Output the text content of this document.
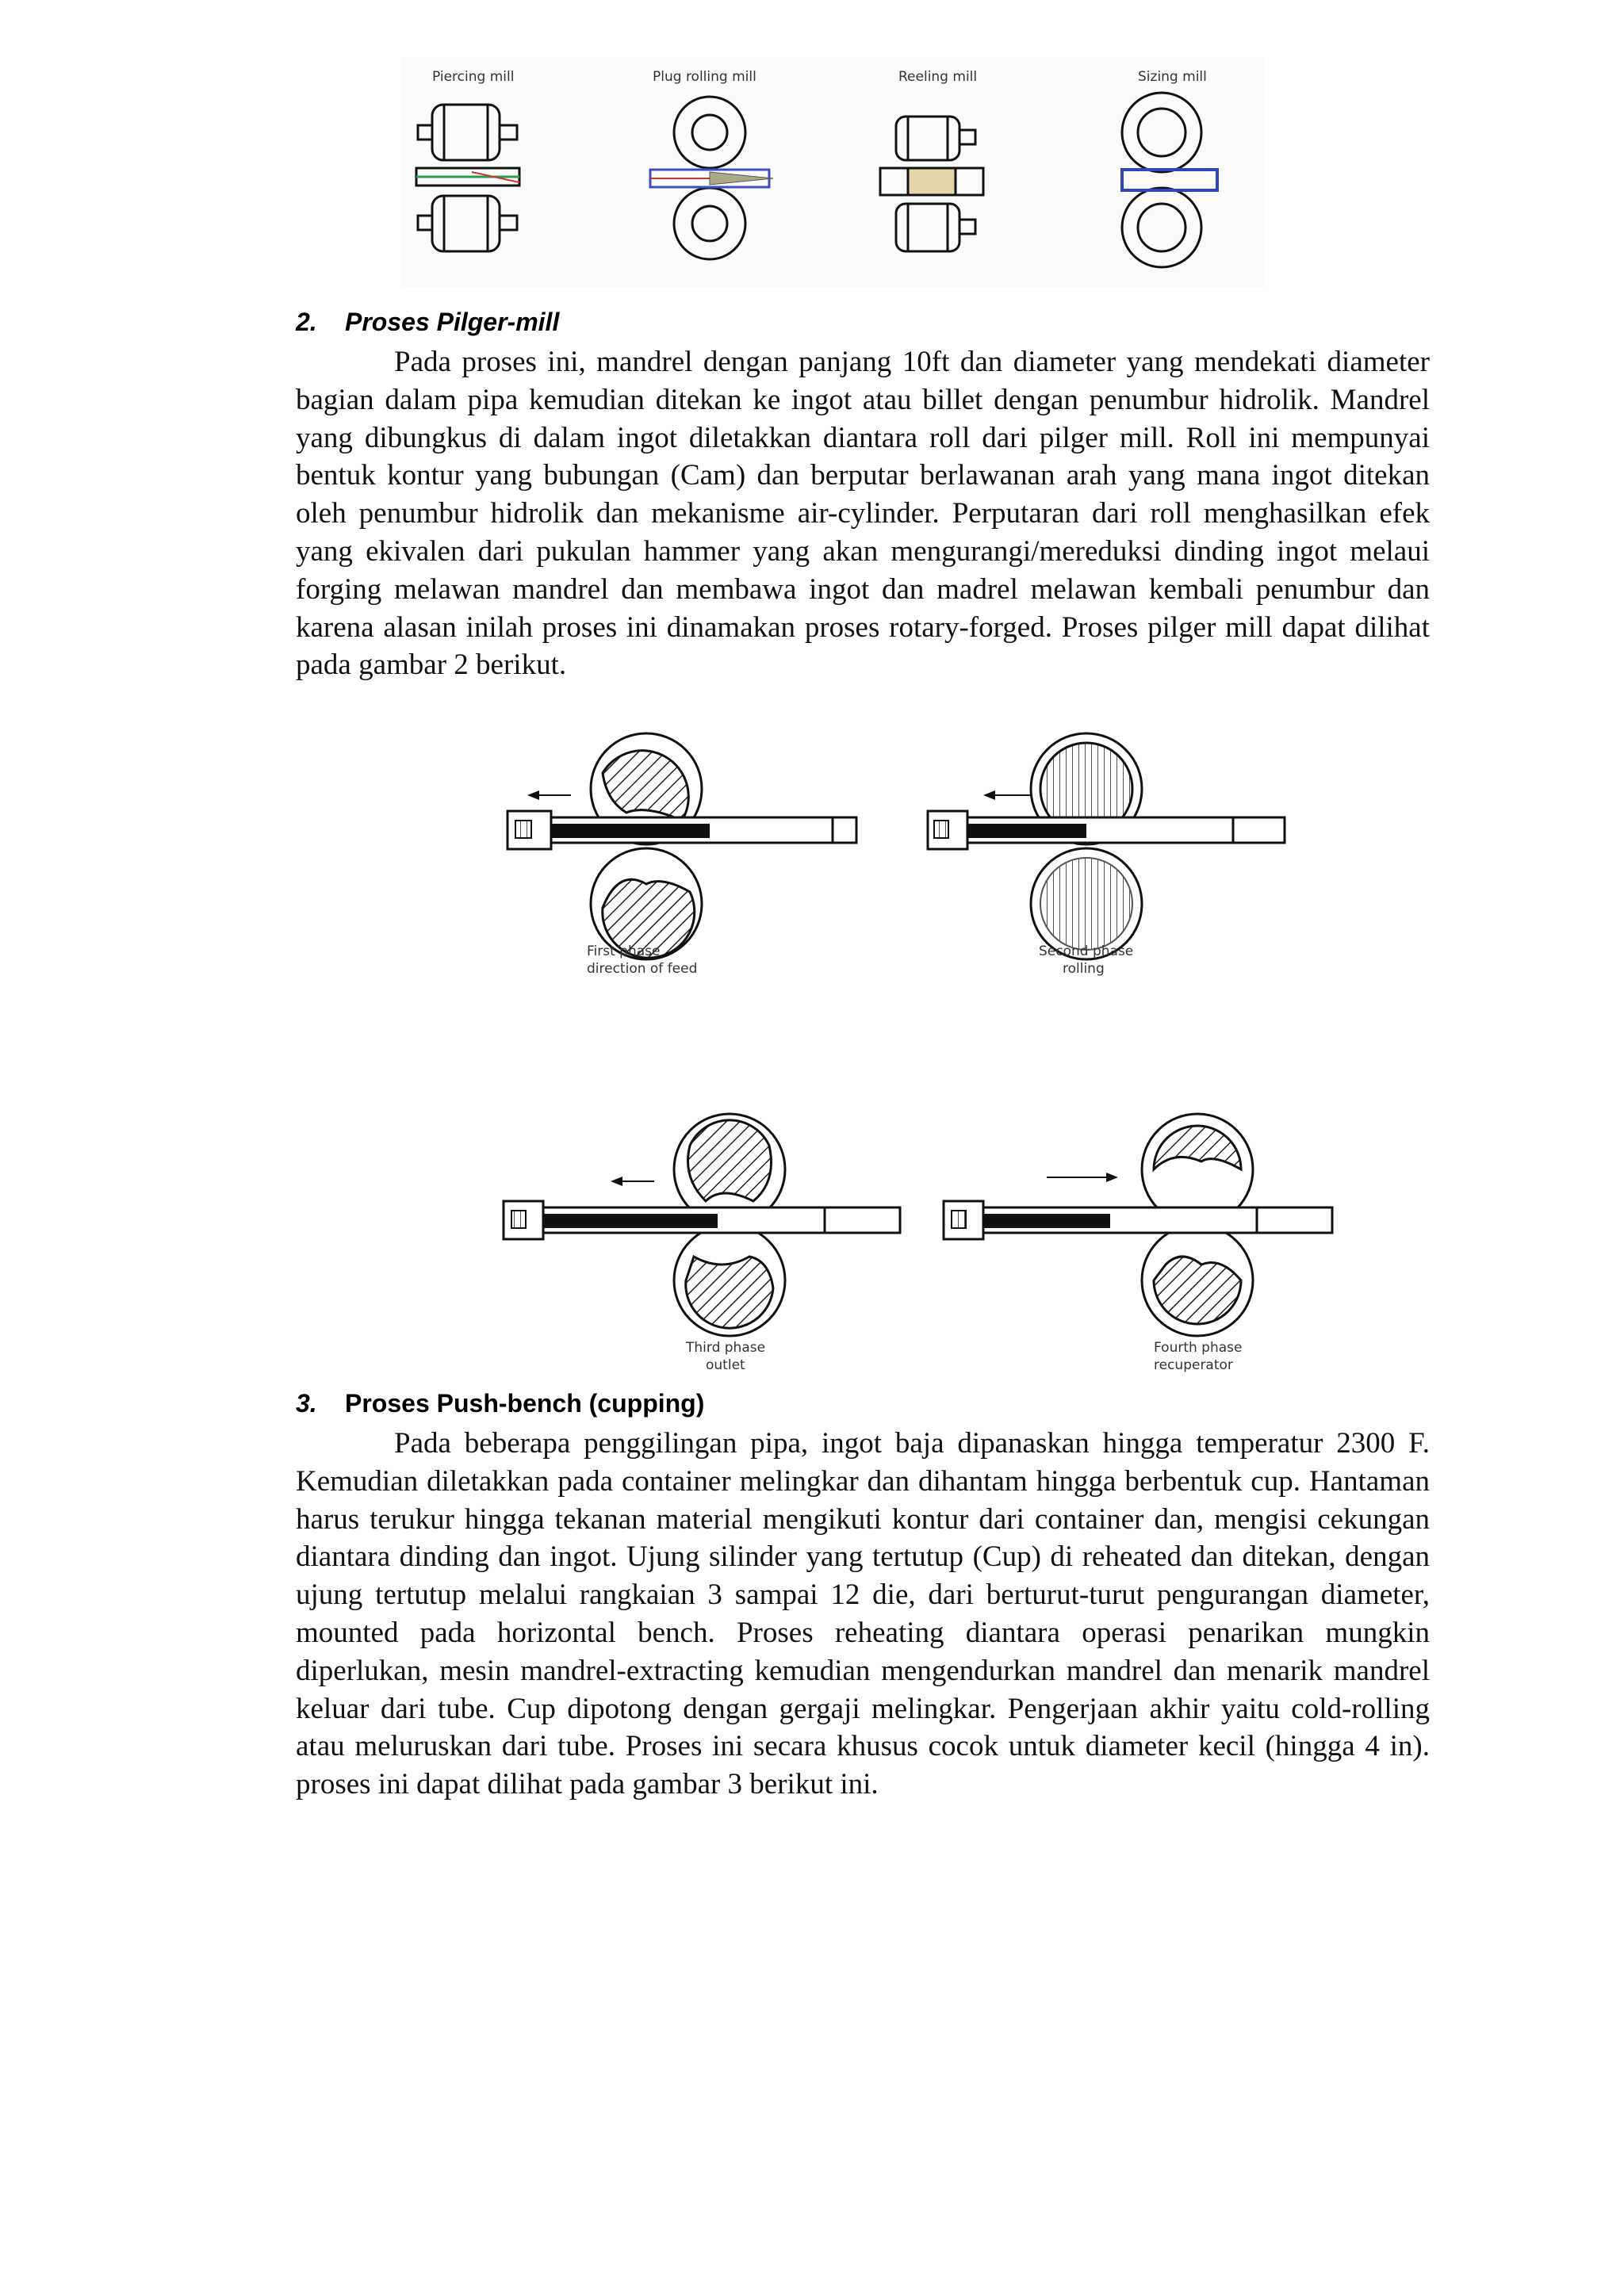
Piercing mill	Plug rolling mill	Reeling mill	Sizing mill
2. Proses Pilger-mill

Pada proses ini, mandrel dengan panjang 10ft dan diameter yang mendekati diameter bagian dalam pipa kemudian ditekan ke ingot atau billet dengan penumbur hidrolik. Mandrel yang dibungkus di dalam ingot diletakkan diantara roll dari pilger mill. Roll ini mempunyai bentuk kontur yang bubungan (Cam) dan berputar berlawanan arah yang mana ingot ditekan oleh penumbur hidrolik dan mekanisme air-cylinder. Perputaran dari roll menghasilkan efek yang ekivalen dari pukulan hammer yang akan mengurangi/mereduksi dinding ingot melaui forging melawan mandrel dan membawa ingot dan madrel melawan kembali penumbur dan karena alasan inilah proses ini dinamakan proses rotary-forged. Proses pilger mill dapat dilihat pada gambar 2 berikut.

First phase
direction of feed
Second phase
rolling
Third phase
outlet
Fourth phase
recuperator
3. Proses Push-bench (cupping)

Pada beberapa penggilingan pipa, ingot baja dipanaskan hingga temperatur 2300 F. Kemudian diletakkan pada container melingkar dan dihantam hingga berbentuk cup. Hantaman harus terukur hingga tekanan material mengikuti kontur dari container dan, mengisi cekungan diantara dinding dan ingot. Ujung silinder yang tertutup (Cup) di reheated dan ditekan, dengan ujung tertutup melalui rangkaian 3 sampai 12 die, dari berturut-turut pengurangan diameter, mounted pada horizontal bench. Proses reheating diantara operasi penarikan mungkin diperlukan, mesin mandrel-extracting kemudian mengendurkan mandrel dan menarik mandrel keluar dari tube. Cup dipotong dengan gergaji melingkar. Pengerjaan akhir yaitu cold-rolling atau meluruskan dari tube. Proses ini secara khusus cocok untuk diameter kecil (hingga 4 in). proses ini dapat dilihat pada gambar 3 berikut ini.
